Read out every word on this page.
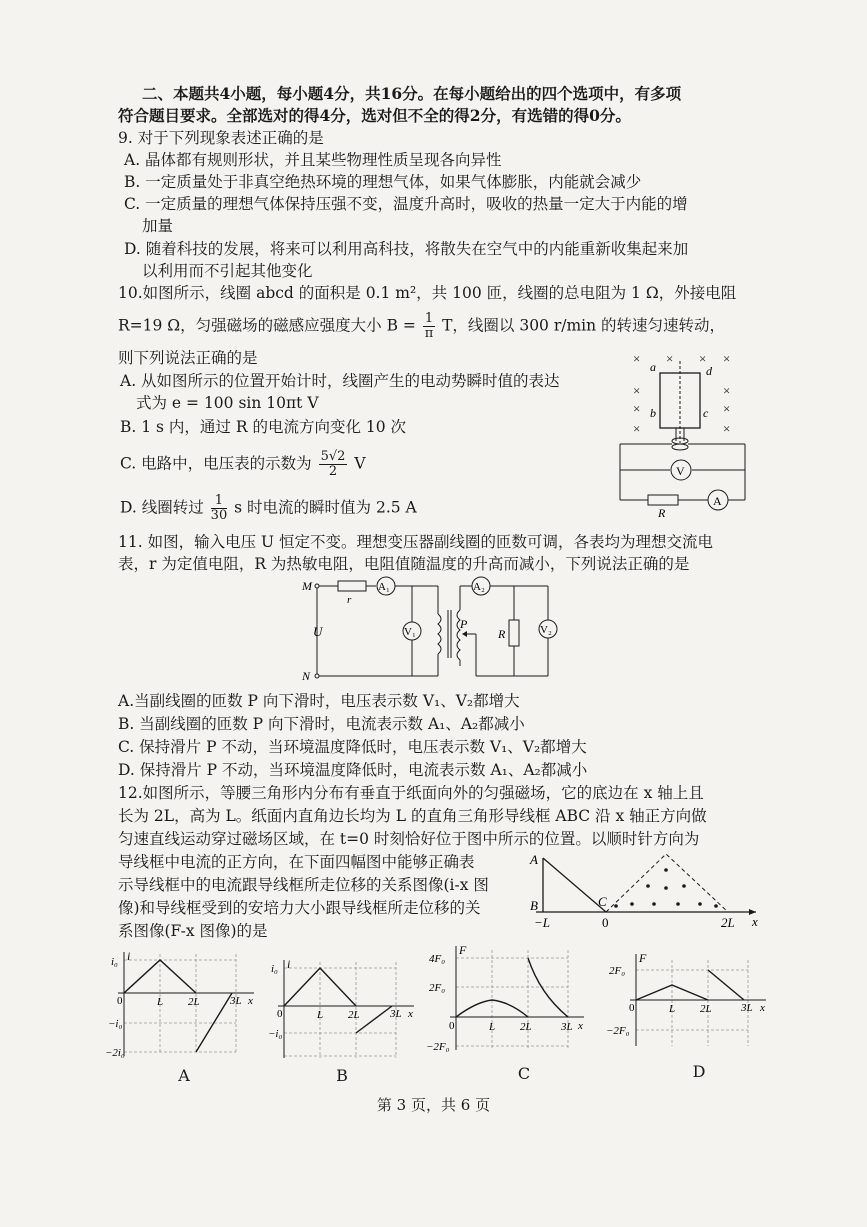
二、本题共4小题，每小题4分，共16分。在每小题给出的四个选项中，有多项
符合题目要求。全部选对的得4分，选对但不全的得2分，有选错的得0分。
9. 对于下列现象表述正确的是
A. 晶体都有规则形状，并且某些物理性质呈现各向异性
B. 一定质量处于非真空绝热环境的理想气体，如果气体膨胀，内能就会减少
C. 一定质量的理想气体保持压强不变，温度升高时，吸收的热量一定大于内能的增
加量
D. 随着科技的发展，将来可以利用高科技，将散失在空气中的内能重新收集起来加
以利用而不引起其他变化
10.如图所示，线圈 abcd 的面积是 0.1 m²，共 100 匝，线圈的总电阻为 1 Ω，外接电阻
R=19 Ω，匀强磁场的磁感应强度大小 $B = \frac{1}{\pi}$ T，线圈以 300 r/min 的转速匀速转动，
则下列说法正确的是
A. 从如图所示的位置开始计时，线圈产生的电动势瞬时值的表达
式为 e = 100 sin 10πt V
B. 1 s 内，通过 R 的电流方向变化 10 次
C. 电路中，电压表的示数为 $\frac{5√2}{2}$ V
D. 线圈转过 $\frac{1}{30}$ s 时电流的瞬时值为 2.5 A
× × × ×
×	×
×	×
×
×
a	d
b	c
V
A
R
11. 如图，输入电压 U 恒定不变。理想变压器副线圈的匝数可调，各表均为理想交流电
表，r 为定值电阻，R 为热敏电阻，电阻值随温度的升高而减小，下列说法正确的是
M
N
U
r
A₁
V₁
A₂
P
R	V₂
A.当副线圈的匝数 P 向下滑时，电压表示数 V₁、V₂都增大
B. 当副线圈的匝数 P 向下滑时，电流表示数 A₁、A₂都减小
C. 保持滑片 P 不动，当环境温度降低时，电压表示数 V₁、V₂都增大
D. 保持滑片 P 不动，当环境温度降低时，电流表示数 A₁、A₂都减小
12.如图所示，等腰三角形内分布有垂直于纸面向外的匀强磁场，它的底边在 x 轴上且
长为 2L，高为 L。纸面内直角边长均为 L 的直角三角形导线框 ABC 沿 x 轴正方向做
匀速直线运动穿过磁场区域，在 t=0 时刻恰好位于图中所示的位置。以顺时针方向为
导线框中电流的正方向，在下面四幅图中能够正确表
示导线框中的电流跟导线框所走位移的关系图像(i-x 图
像)和导线框受到的安培力大小跟导线框所走位移的关
系图像(F-x 图像)的是
x
A
B	C
−L	0	2L
i
i₀
−i₀
−2i₀
0	L 2L	3L x
A
i
i₀
−i₀
0	L 2L	3L x
B
F
4F₀
2F₀
−2F₀
0	L 2L	3L x
C
F
2F₀
−2F₀
0	L 2L	3L x
D
第 3 页，共 6 页
